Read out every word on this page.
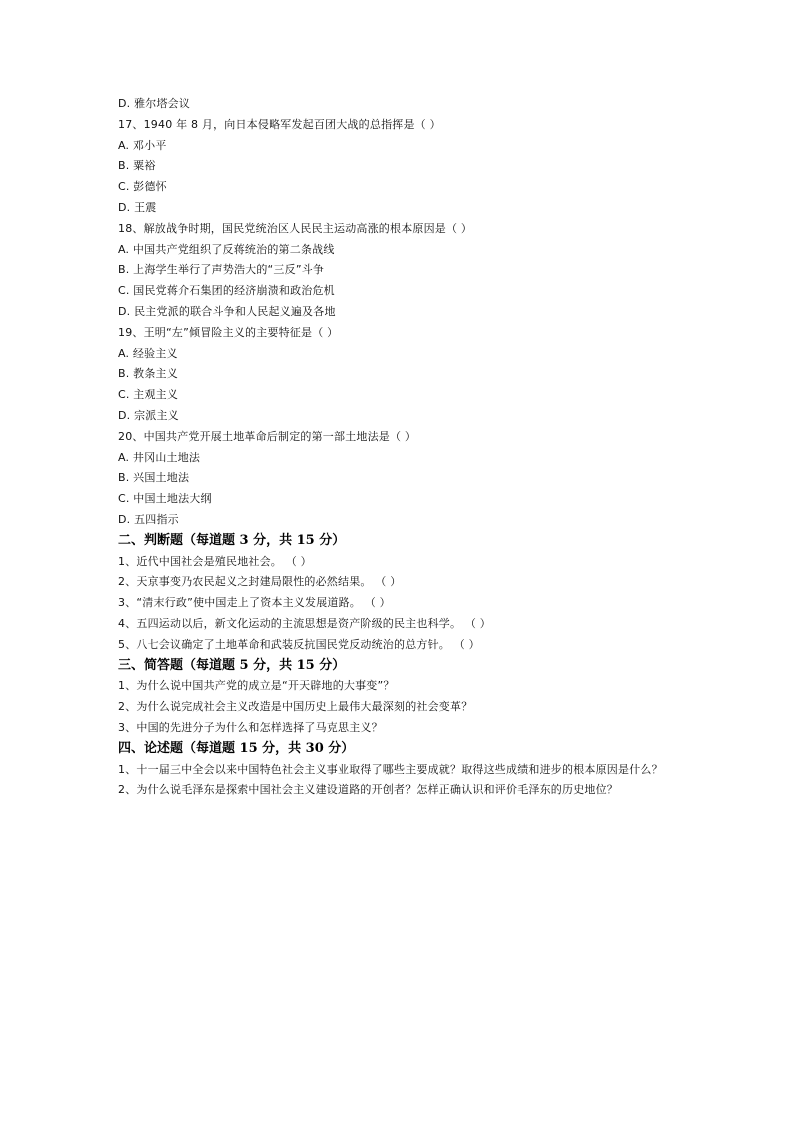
D. 雅尔塔会议
17、1940 年 8 月，向日本侵略军发起百团大战的总指挥是（ ）
A. 邓小平
B. 粟裕
C. 彭德怀
D. 王震
18、解放战争时期，国民党统治区人民民主运动高涨的根本原因是（ ）
A. 中国共产党组织了反蒋统治的第二条战线
B. 上海学生举行了声势浩大的“三反”斗争
C. 国民党蒋介石集团的经济崩溃和政治危机
D. 民主党派的联合斗争和人民起义遍及各地
19、王明“左”倾冒险主义的主要特征是（ ）
A. 经验主义
B. 教条主义
C. 主观主义
D. 宗派主义
20、中国共产党开展土地革命后制定的第一部土地法是（ ）
A. 井冈山土地法
B. 兴国土地法
C. 中国土地法大纲
D. 五四指示
二、判断题（每道题 3 分，共 15 分）
1、近代中国社会是殖民地社会。 （ ）
2、天京事变乃农民起义之封建局限性的必然结果。 （ ）
3、“清末行政”使中国走上了资本主义发展道路。 （ ）
4、五四运动以后，新文化运动的主流思想是资产阶级的民主也科学。 （ ）
5、八七会议确定了土地革命和武装反抗国民党反动统治的总方针。 （ ）
三、简答题（每道题 5 分，共 15 分）
1、为什么说中国共产党的成立是“开天辟地的大事变”？
2、为什么说完成社会主义改造是中国历史上最伟大最深刻的社会变革？
3、中国的先进分子为什么和怎样选择了马克思主义？
四、论述题（每道题 15 分，共 30 分）
1、十一届三中全会以来中国特色社会主义事业取得了哪些主要成就？取得这些成绩和进步的根本原因是什么？
2、为什么说毛泽东是探索中国社会主义建设道路的开创者？怎样正确认识和评价毛泽东的历史地位？
